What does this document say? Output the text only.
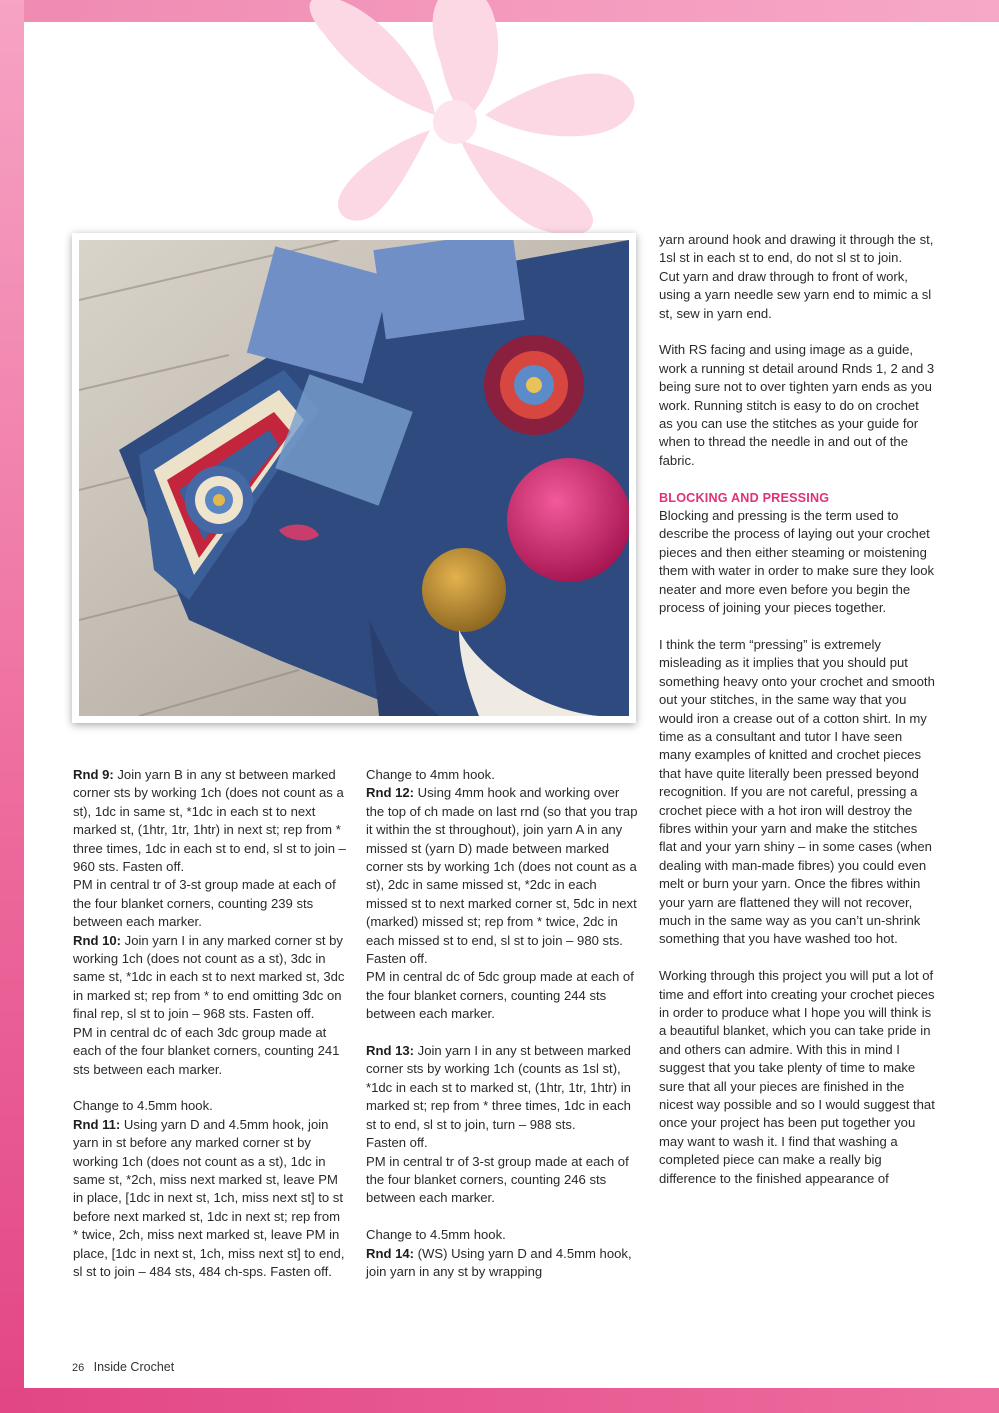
Rnd 9: Join yarn B in any st between marked corner sts by working 1ch (does not count as a st), 1dc in same st, *1dc in each st to next marked st, (1htr, 1tr, 1htr) in next st; rep from * three times, 1dc in each st to end, sl st to join – 960 sts. Fasten off.

PM in central tr of 3-st group made at each of the four blanket corners, counting 239 sts between each marker.

Rnd 10: Join yarn I in any marked corner st by working 1ch (does not count as a st), 3dc in same st, *1dc in each st to next marked st, 3dc in marked st; rep from * to end omitting 3dc on final rep, sl st to join – 968 sts. Fasten off.

PM in central dc of each 3dc group made at each of the four blanket corners, counting 241 sts between each marker.

Change to 4.5mm hook.

Rnd 11: Using yarn D and 4.5mm hook, join yarn in st before any marked corner st by working 1ch (does not count as a st), 1dc in same st, *2ch, miss next marked st, leave PM in place, [1dc in next st, 1ch, miss next st] to st before next marked st, 1dc in next st; rep from * twice, 2ch, miss next marked st, leave PM in place, [1dc in next st, 1ch, miss next st] to end, sl st to join – 484 sts, 484 ch-sps. Fasten off.

Change to 4mm hook.

Rnd 12: Using 4mm hook and working over the top of ch made on last rnd (so that you trap it within the st throughout), join yarn A in any missed st (yarn D) made between marked corner sts by working 1ch (does not count as a st), 2dc in same missed st, *2dc in each missed st to next marked corner st, 5dc in next (marked) missed st; rep from * twice, 2dc in each missed st to end, sl st to join – 980 sts.

Fasten off.

PM in central dc of 5dc group made at each of the four blanket corners, counting 244 sts between each marker.

Rnd 13: Join yarn I in any st between marked corner sts by working 1ch (counts as 1sl st), *1dc in each st to marked st, (1htr, 1tr, 1htr) in marked st; rep from * three times, 1dc in each st to end, sl st to join, turn – 988 sts.

Fasten off.

PM in central tr of 3-st group made at each of the four blanket corners, counting 246 sts between each marker.

Change to 4.5mm hook.

Rnd 14: (WS) Using yarn D and 4.5mm hook, join yarn in any st by wrapping

yarn around hook and drawing it through the st, 1sl st in each st to end, do not sl st to join.

Cut yarn and draw through to front of work, using a yarn needle sew yarn end to mimic a sl st, sew in yarn end.

With RS facing and using image as a guide, work a running st detail around Rnds 1, 2 and 3 being sure not to over tighten yarn ends as you work. Running stitch is easy to do on crochet as you can use the stitches as your guide for when to thread the needle in and out of the fabric.

BLOCKING AND PRESSING

Blocking and pressing is the term used to describe the process of laying out your crochet pieces and then either steaming or moistening them with water in order to make sure they look neater and more even before you begin the process of joining your pieces together.

I think the term “pressing” is extremely misleading as it implies that you should put something heavy onto your crochet and smooth out your stitches, in the same way that you would iron a crease out of a cotton shirt. In my time as a consultant and tutor I have seen many examples of knitted and crochet pieces that have quite literally been pressed beyond recognition. If you are not careful, pressing a crochet piece with a hot iron will destroy the fibres within your yarn and make the stitches flat and your yarn shiny – in some cases (when dealing with man-made fibres) you could even melt or burn your yarn. Once the fibres within your yarn are flattened they will not recover, much in the same way as you can’t un-shrink something that you have washed too hot.

Working through this project you will put a lot of time and effort into creating your crochet pieces in order to produce what I hope you will think is a beautiful blanket, which you can take pride in and others can admire. With this in mind I suggest that you take plenty of time to make sure that all your pieces are finished in the nicest way possible and so I would suggest that once your project has been put together you may want to wash it. I find that washing a completed piece can make a really big difference to the finished appearance of

26 Inside Crochet
